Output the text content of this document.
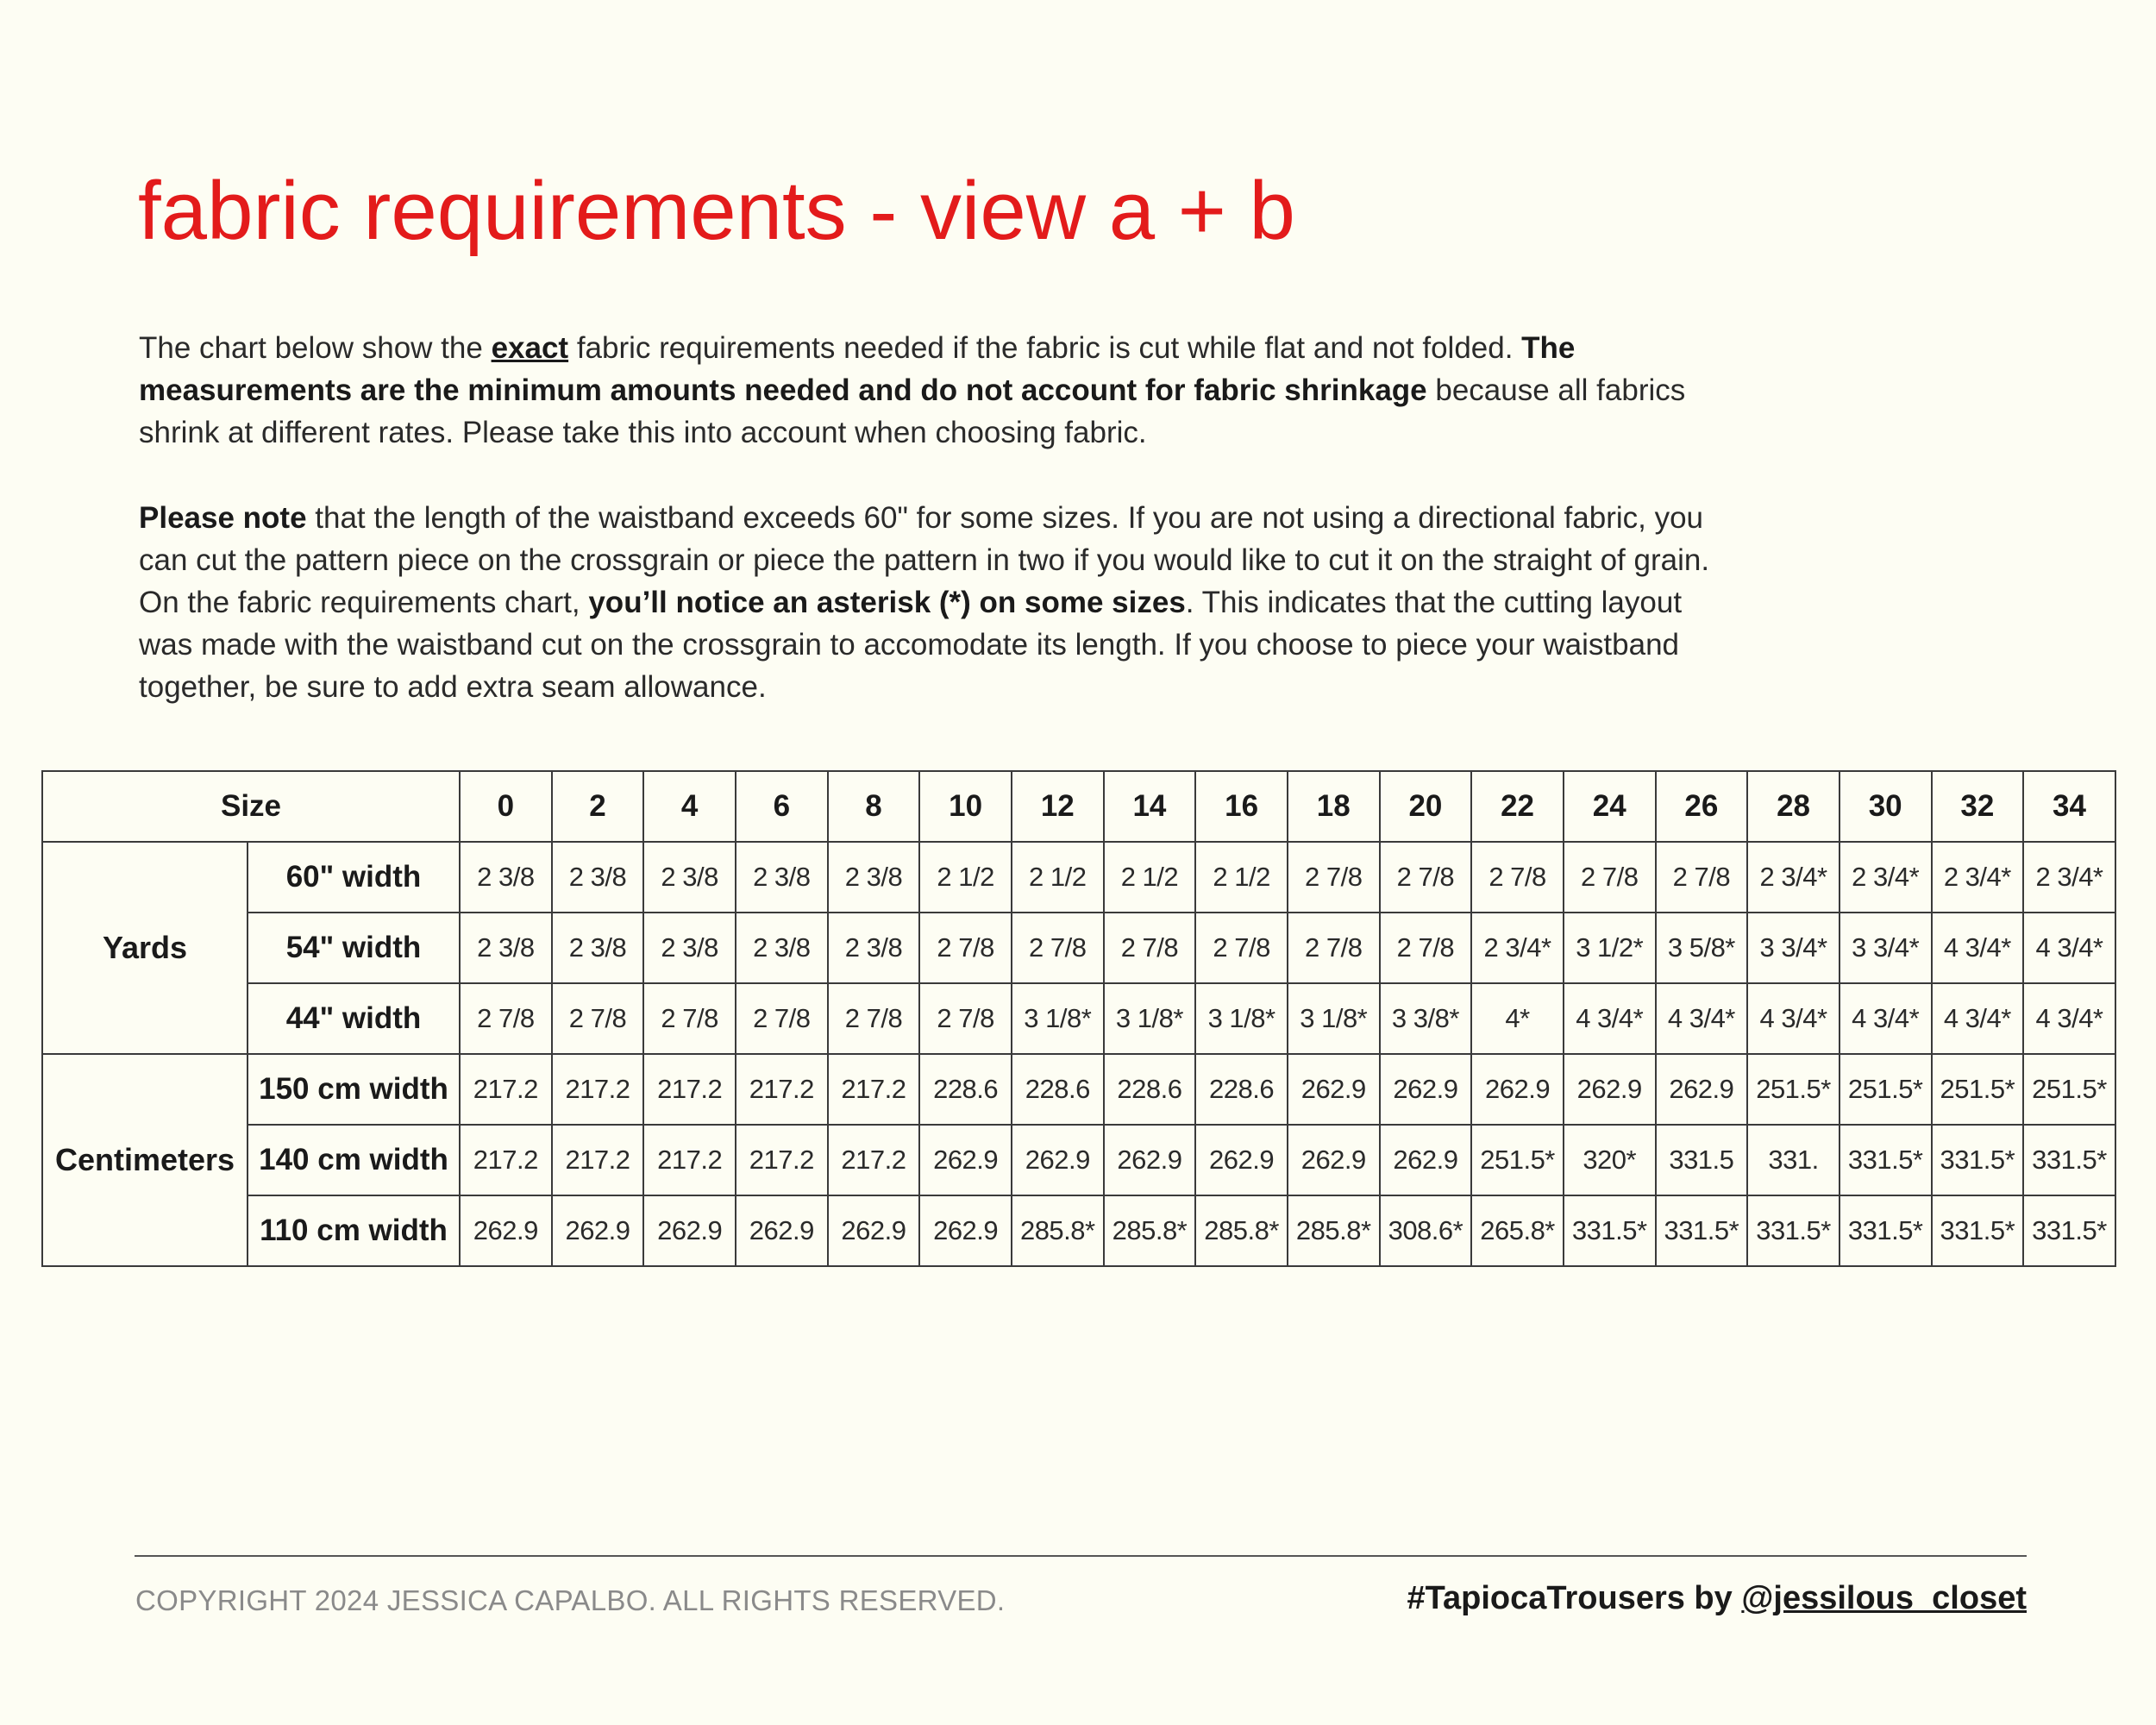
fabric requirements - view a + b

The chart below show the exact fabric requirements needed if the fabric is cut while flat and not folded. The measurements are the minimum amounts needed and do not account for fabric shrinkage because all fabrics shrink at different rates. Please take this into account when choosing fabric.

Please note that the length of the waistband exceeds 60" for some sizes. If you are not using a directional fabric, you can cut the pattern piece on the crossgrain or piece the pattern in two if you would like to cut it on the straight of grain. On the fabric requirements chart, you’ll notice an asterisk (*) on some sizes. This indicates that the cutting layout was made with the waistband cut on the crossgrain to accomodate its length. If you choose to piece your waistband together, be sure to add extra seam allowance.

Size		0	2	4	6	8	10	12	14	16	18	20	22	24	26	28	30	32	34
Yards	60" width	2 3/8	2 3/8	2 3/8	2 3/8	2 3/8	2 1/2	2 1/2	2 1/2	2 1/2	2 7/8	2 7/8	2 7/8	2 7/8	2 7/8	2 3/4*	2 3/4*	2 3/4*	2 3/4*
	54" width	2 3/8	2 3/8	2 3/8	2 3/8	2 3/8	2 7/8	2 7/8	2 7/8	2 7/8	2 7/8	2 7/8	2 3/4*	3 1/2*	3 5/8*	3 3/4*	3 3/4*	4 3/4*	4 3/4*
	44" width	2 7/8	2 7/8	2 7/8	2 7/8	2 7/8	2 7/8	3 1/8*	3 1/8*	3 1/8*	3 1/8*	3 3/8*	4*	4 3/4*	4 3/4*	4 3/4*	4 3/4*	4 3/4*	4 3/4*
Centimeters	150 cm width	217.2	217.2	217.2	217.2	217.2	228.6	228.6	228.6	228.6	262.9	262.9	262.9	262.9	262.9	251.5*	251.5*	251.5*	251.5*
	140 cm width	217.2	217.2	217.2	217.2	217.2	262.9	262.9	262.9	262.9	262.9	262.9	251.5*	320*	331.5	331.	331.5*	331.5*	331.5*
	110 cm width	262.9	262.9	262.9	262.9	262.9	262.9	285.8*	285.8*	285.8*	285.8*	308.6*	265.8*	331.5*	331.5*	331.5*	331.5*	331.5*	331.5*
COPYRIGHT 2024 JESSICA CAPALBO. ALL RIGHTS RESERVED.	#TapiocaTrousers by @jessilous_closet
